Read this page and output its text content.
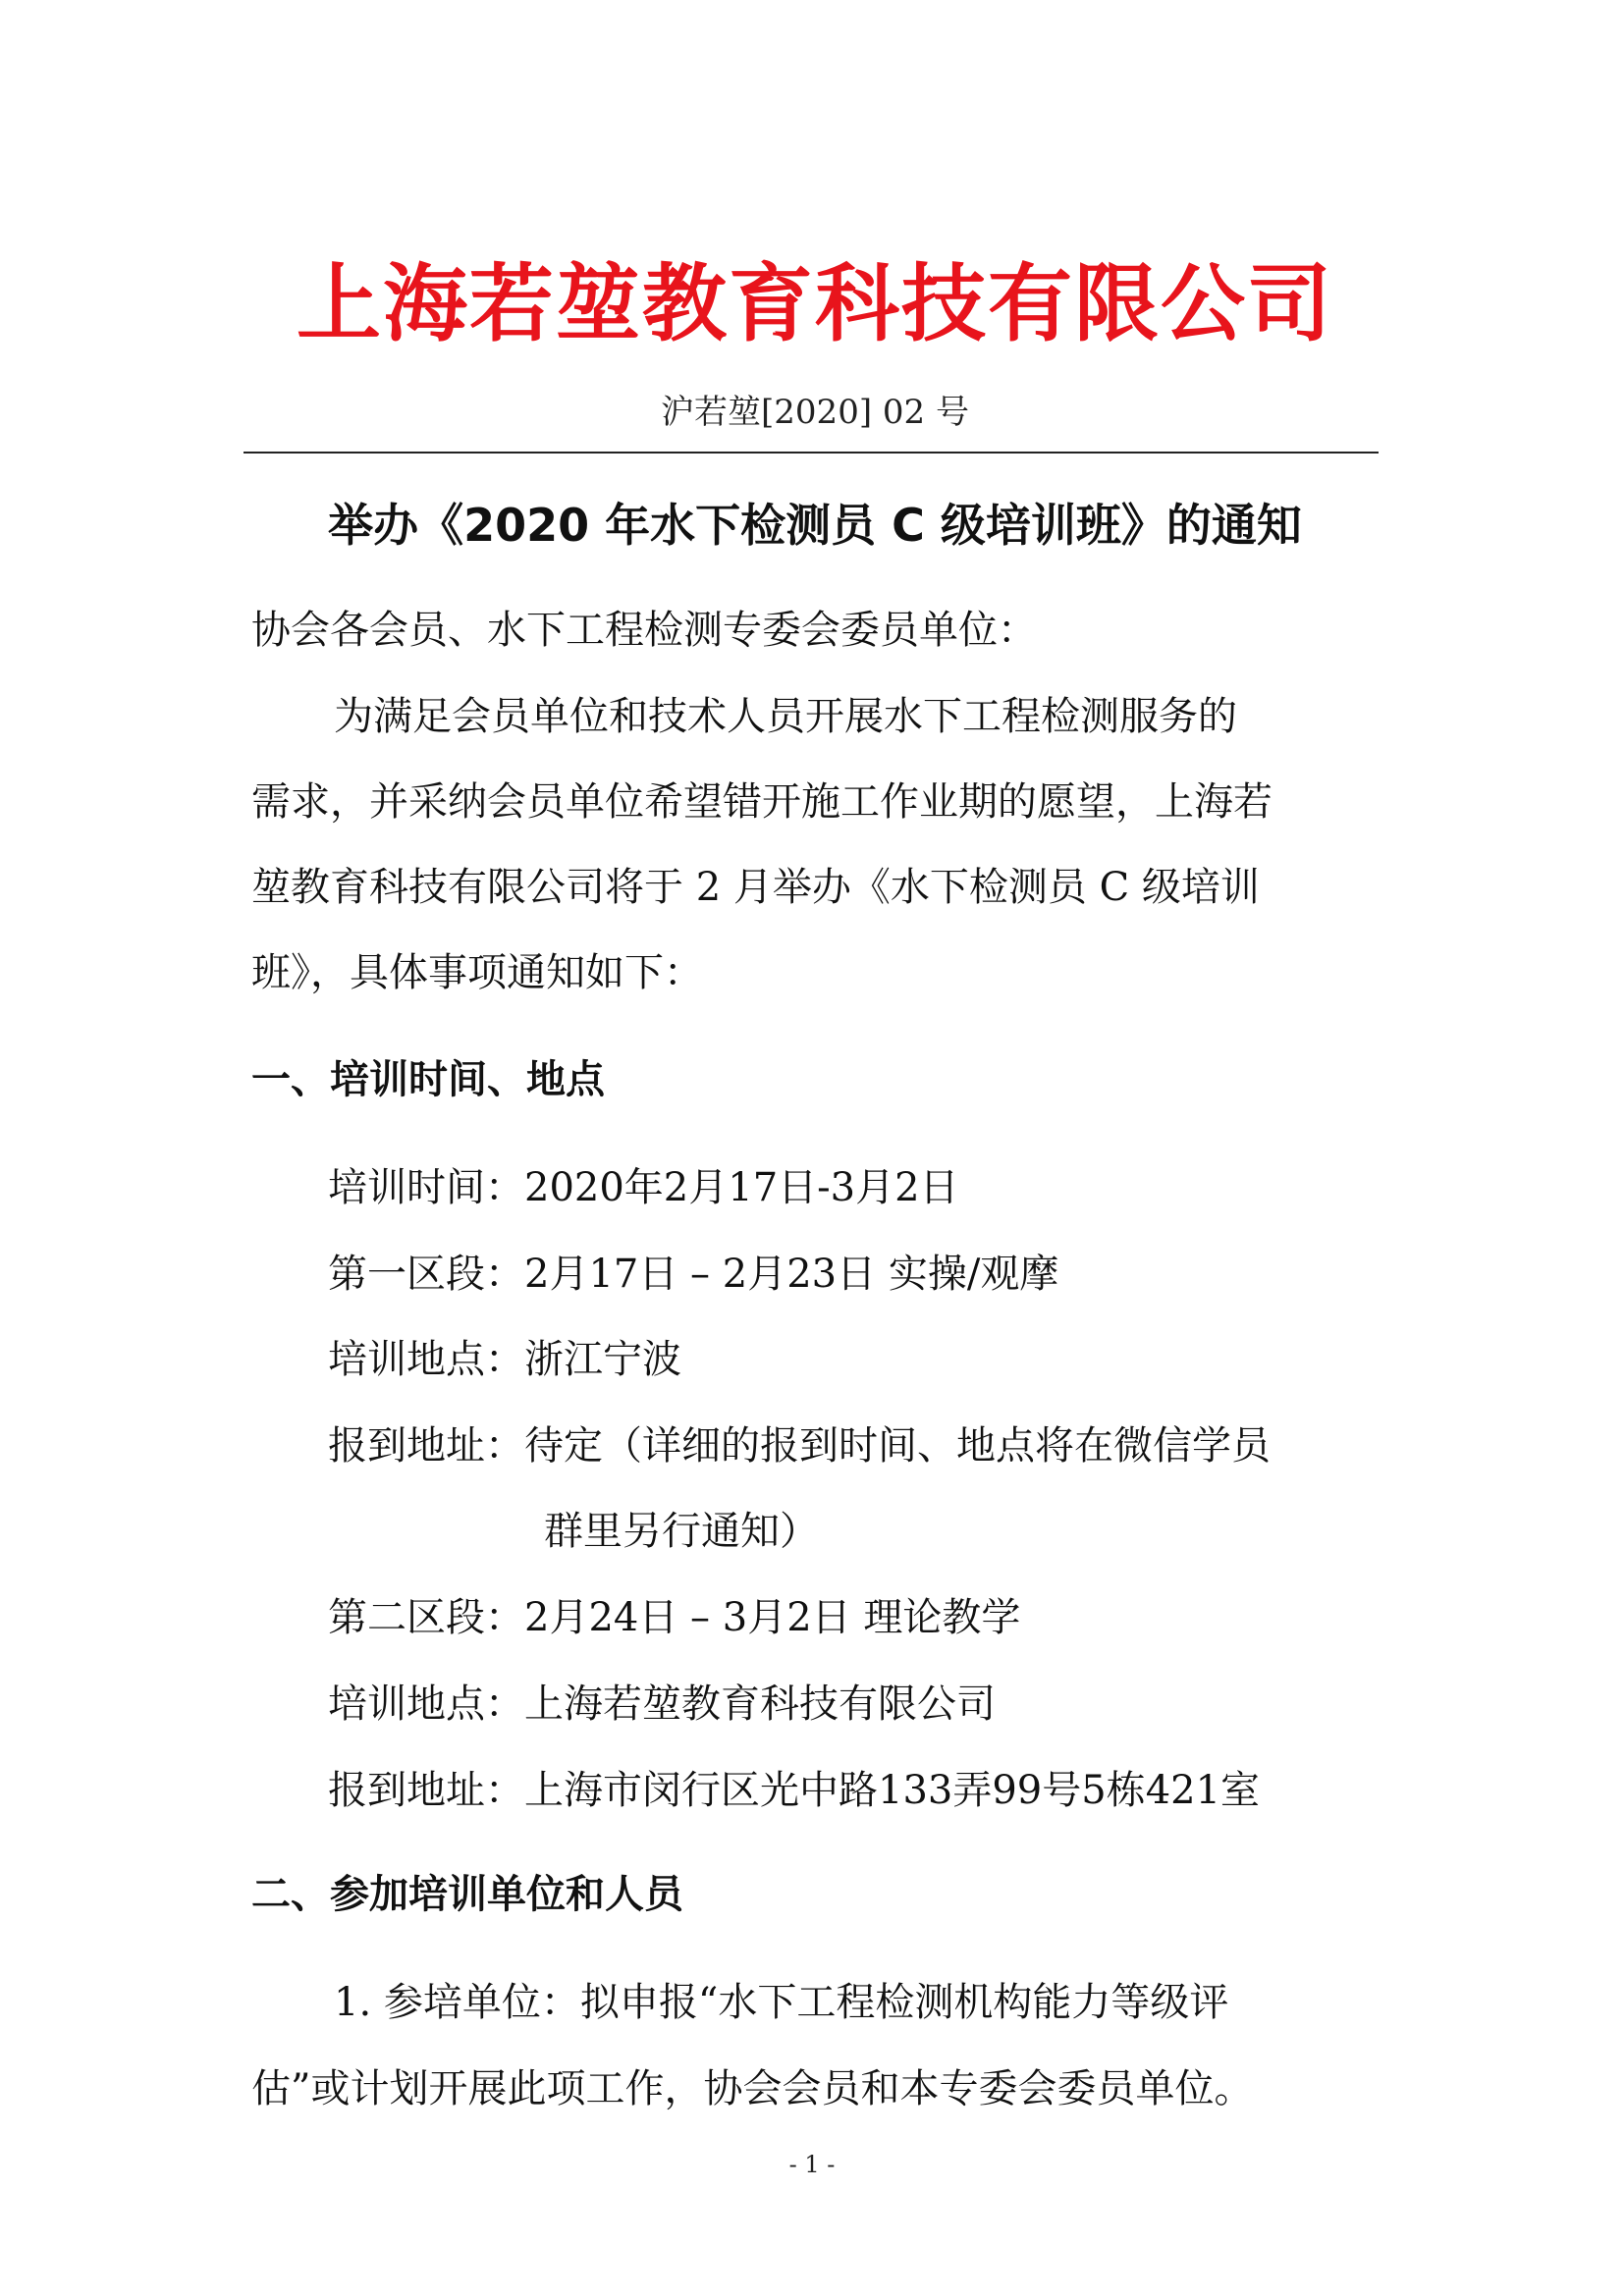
上海若堃教育科技有限公司
沪若堃[2020] 02 号
举办《2020 年水下检测员 C 级培训班》的通知
协会各会员、水下工程检测专委会委员单位：
为满足会员单位和技术人员开展水下工程检测服务的
需求，并采纳会员单位希望错开施工作业期的愿望，上海若
堃教育科技有限公司将于 2 月举办《水下检测员 C 级培训
班》，具体事项通知如下：
一、培训时间、地点
培训时间：2020年2月17日-3月2日
第一区段：2月17日 – 2月23日 实操/观摩
培训地点：浙江宁波
报到地址：待定（详细的报到时间、地点将在微信学员
群里另行通知）
第二区段：2月24日 – 3月2日 理论教学
培训地点：上海若堃教育科技有限公司
报到地址：上海市闵行区光中路133弄99号5栋421室
二、参加培训单位和人员
1. 参培单位：拟申报“水下工程检测机构能力等级评
估”或计划开展此项工作，协会会员和本专委会委员单位。
- 1 -
